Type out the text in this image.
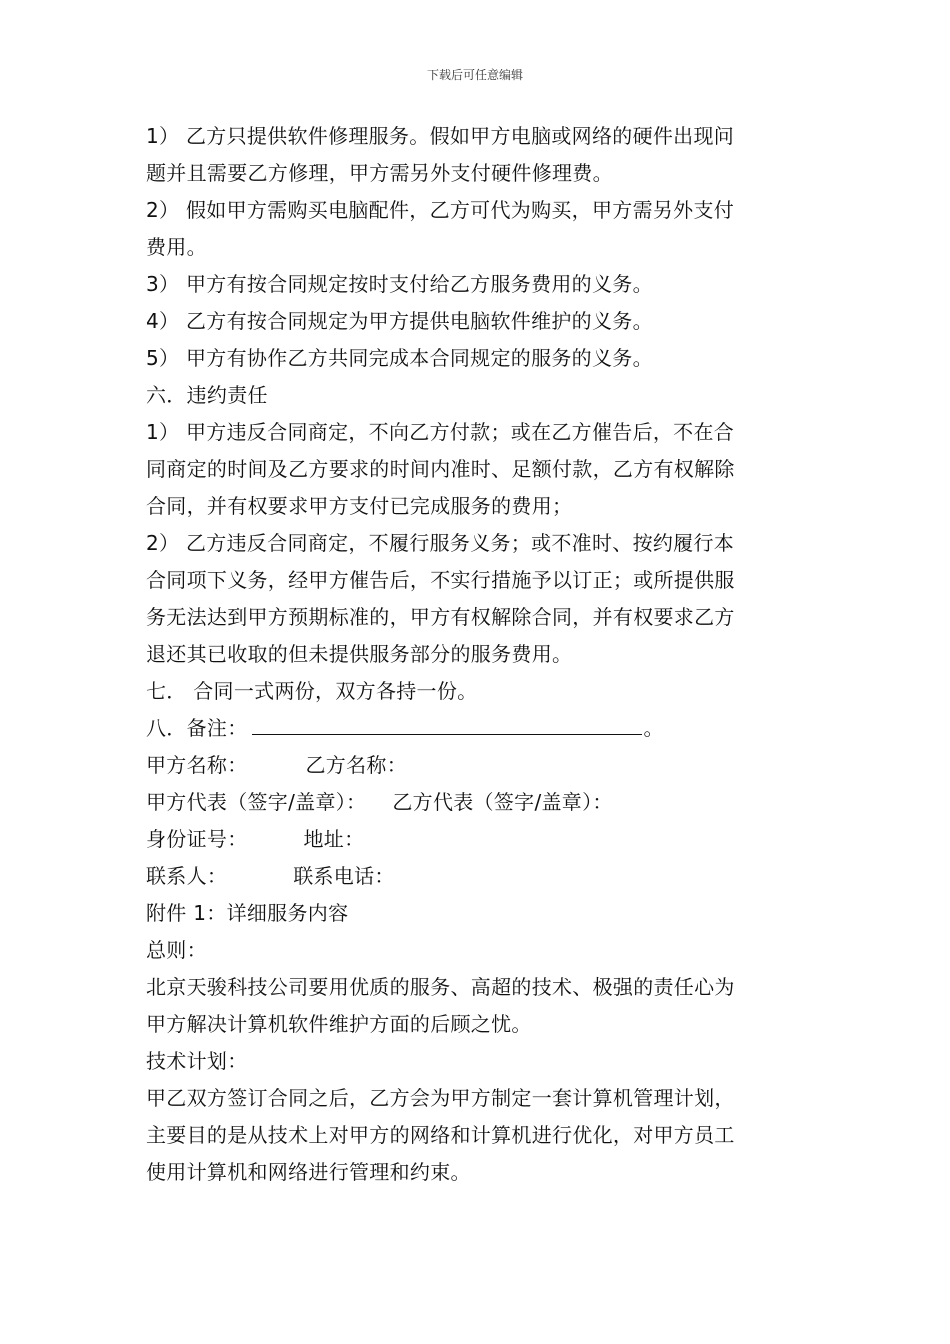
下载后可任意编辑
1） 乙方只提供软件修理服务。假如甲方电脑或网络的硬件出现问
题并且需要乙方修理，甲方需另外支付硬件修理费。
2） 假如甲方需购买电脑配件，乙方可代为购买，甲方需另外支付
费用。
3） 甲方有按合同规定按时支付给乙方服务费用的义务。
4） 乙方有按合同规定为甲方提供电脑软件维护的义务。
5） 甲方有协作乙方共同完成本合同规定的服务的义务。
六．违约责任
1） 甲方违反合同商定，不向乙方付款；或在乙方催告后，不在合
同商定的时间及乙方要求的时间内准时、足额付款，乙方有权解除
合同，并有权要求甲方支付已完成服务的费用；
2） 乙方违反合同商定，不履行服务义务；或不准时、按约履行本
合同项下义务，经甲方催告后，不实行措施予以订正；或所提供服
务无法达到甲方预期标准的，甲方有权解除合同，并有权要求乙方
退还其已收取的但未提供服务部分的服务费用。
七． 合同一式两份，双方各持一份。
八．备注：	。
甲方名称：	乙方名称：
甲方代表（签字/盖章）： 乙方代表（签字/盖章）：
身份证号：	地址：
联系人：	联系电话：
附件 1：详细服务内容
总则：
北京天骏科技公司要用优质的服务、高超的技术、极强的责任心为
甲方解决计算机软件维护方面的后顾之忧。
技术计划：
甲乙双方签订合同之后，乙方会为甲方制定一套计算机管理计划，
主要目的是从技术上对甲方的网络和计算机进行优化，对甲方员工
使用计算机和网络进行管理和约束。
